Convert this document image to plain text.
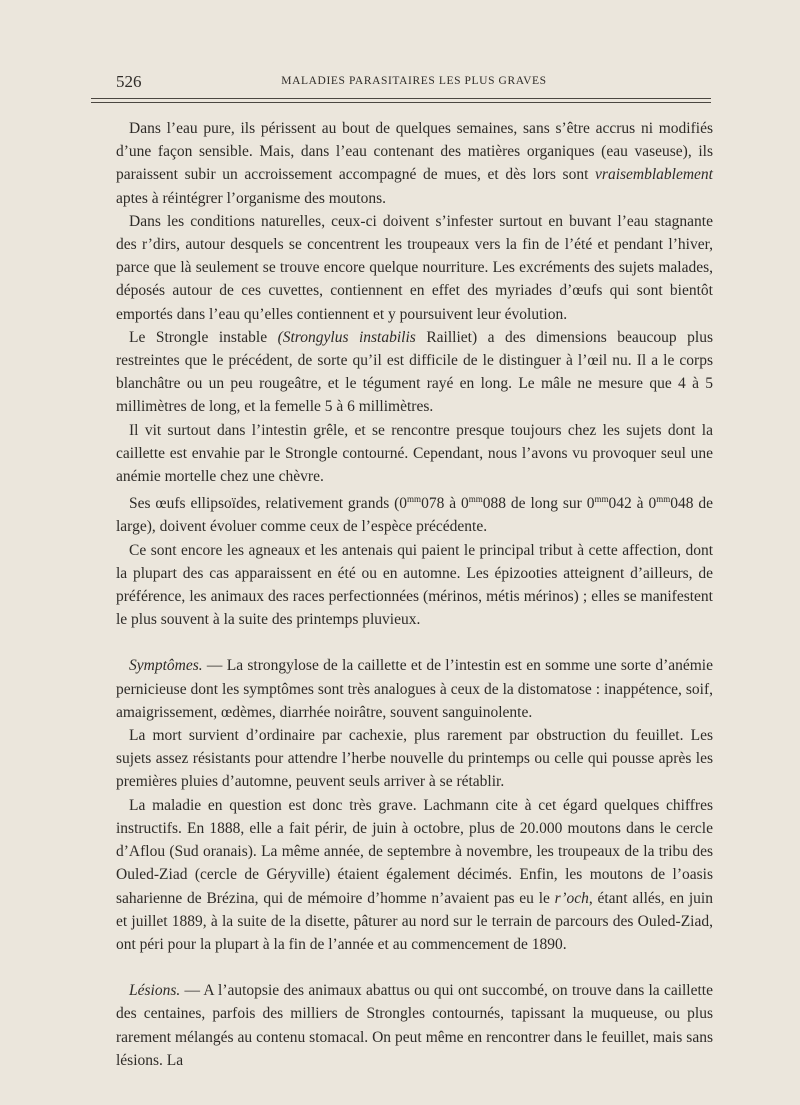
526	MALADIES PARASITAIRES LES PLUS GRAVES

Dans l’eau pure, ils périssent au bout de quelques semaines, sans s’être accrus ni modifiés d’une façon sensible. Mais, dans l’eau contenant des matières organiques (eau vaseuse), ils paraissent subir un accroissement accompagné de mues, et dès lors sont vraisemblablement aptes à réintégrer l’organisme des moutons.

Dans les conditions naturelles, ceux-ci doivent s’infester surtout en buvant l’eau stagnante des r’dirs, autour desquels se concentrent les troupeaux vers la fin de l’été et pendant l’hiver, parce que là seulement se trouve encore quelque nourriture. Les excréments des sujets malades, déposés autour de ces cuvettes, contiennent en effet des myriades d’œufs qui sont bientôt emportés dans l’eau qu’elles contiennent et y poursuivent leur évolution.

Le Strongle instable (Strongylus instabilis Railliet) a des dimensions beaucoup plus restreintes que le précédent, de sorte qu’il est difficile de le distinguer à l’œil nu. Il a le corps blanchâtre ou un peu rougeâtre, et le tégument rayé en long. Le mâle ne mesure que 4 à 5 millimètres de long, et la femelle 5 à 6 millimètres.

Il vit surtout dans l’intestin grêle, et se rencontre presque toujours chez les sujets dont la caillette est envahie par le Strongle contourné. Cependant, nous l’avons vu provoquer seul une anémie mortelle chez une chèvre.

Ses œufs ellipsoïdes, relativement grands ($0^{mm}078$ à $0^{mm}088$ de long sur $0^{mm}042$ à $0^{mm}048$ de large), doivent évoluer comme ceux de l’espèce précédente.

Ce sont encore les agneaux et les antenais qui paient le principal tribut à cette affection, dont la plupart des cas apparaissent en été ou en automne. Les épizooties atteignent d’ailleurs, de préférence, les animaux des races perfectionnées (mérinos, métis mérinos) ; elles se manifestent le plus souvent à la suite des printemps pluvieux.

Symptômes. — La strongylose de la caillette et de l’intestin est en somme une sorte d’anémie pernicieuse dont les symptômes sont très analogues à ceux de la distomatose : inappétence, soif, amaigrissement, œdèmes, diarrhée noirâtre, souvent sanguinolente.

La mort survient d’ordinaire par cachexie, plus rarement par obstruction du feuillet. Les sujets assez résistants pour attendre l’herbe nouvelle du printemps ou celle qui pousse après les premières pluies d’automne, peuvent seuls arriver à se rétablir.

La maladie en question est donc très grave. Lachmann cite à cet égard quelques chiffres instructifs. En 1888, elle a fait périr, de juin à octobre, plus de 20.000 moutons dans le cercle d’Aflou (Sud oranais). La même année, de septembre à novembre, les troupeaux de la tribu des Ouled-Ziad (cercle de Géryville) étaient également décimés. Enfin, les moutons de l’oasis saharienne de Brézina, qui de mémoire d’homme n’avaient pas eu le r’och, étant allés, en juin et juillet 1889, à la suite de la disette, pâturer au nord sur le terrain de parcours des Ouled-Ziad, ont péri pour la plupart à la fin de l’année et au commencement de 1890.

Lésions. — A l’autopsie des animaux abattus ou qui ont succombé, on trouve dans la caillette des centaines, parfois des milliers de Strongles contournés, tapissant la muqueuse, ou plus rarement mélangés au contenu stomacal. On peut même en rencontrer dans le feuillet, mais sans lésions. La
